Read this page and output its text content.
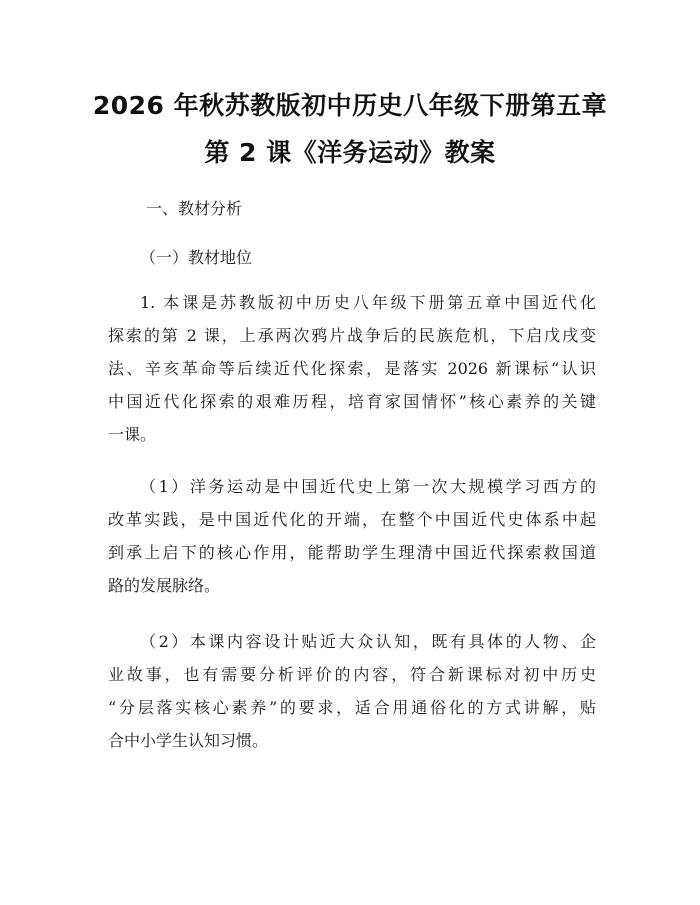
2026 年秋苏教版初中历史八年级下册第五章
第 2 课《洋务运动》教案
一、教材分析
（一）教材地位
1. 本课是苏教版初中历史八年级下册第五章中国近代化
探索的第 2 课，上承两次鸦片战争后的民族危机，下启戊戌变
法、辛亥革命等后续近代化探索，是落实 2026 新课标“认识
中国近代化探索的艰难历程，培育家国情怀”核心素养的关键
一课。
（1）洋务运动是中国近代史上第一次大规模学习西方的
改革实践，是中国近代化的开端，在整个中国近代史体系中起
到承上启下的核心作用，能帮助学生理清中国近代探索救国道
路的发展脉络。
（2）本课内容设计贴近大众认知，既有具体的人物、企
业故事，也有需要分析评价的内容，符合新课标对初中历史
“分层落实核心素养”的要求，适合用通俗化的方式讲解，贴
合中小学生认知习惯。
